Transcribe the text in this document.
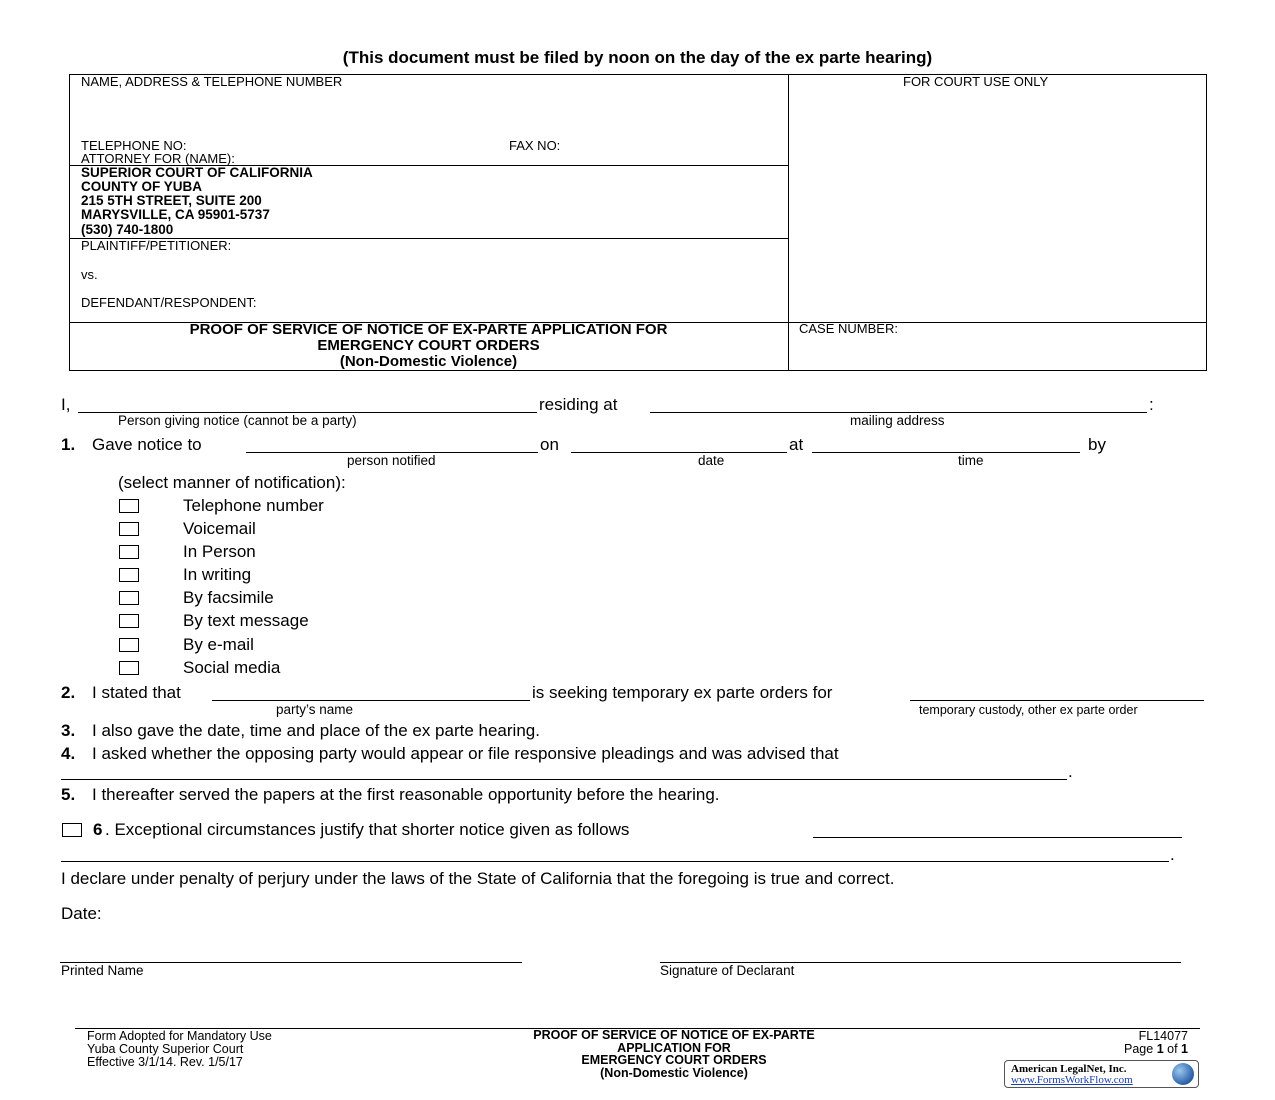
(This document must be filed by noon on the day of the ex parte hearing)
NAME, ADDRESS & TELEPHONE NUMBER	FOR COURT USE ONLY
TELEPHONE NO:	FAX NO:
ATTORNEY FOR (NAME):
SUPERIOR COURT OF CALIFORNIA
COUNTY OF YUBA
215 5TH STREET, SUITE 200
MARYSVILLE, CA 95901-5737
(530) 740-1800
PLAINTIFF/PETITIONER:
vs.
DEFENDANT/RESPONDENT:
PROOF OF SERVICE OF NOTICE OF EX-PARTE APPLICATION FOR
EMERGENCY COURT ORDERS
(Non-Domestic Violence)
CASE NUMBER:
I,	residing at	:
Person giving notice (cannot be a party)	mailing address
1. Gave notice to	on	at	by
person notified	date	time
(select manner of notification):
Telephone number
Voicemail
In Person
In writing
By facsimile
By text message
By e-mail
Social media
2. I stated that	is seeking temporary ex parte orders for
party’s name	temporary custody, other ex parte order
3. I also gave the date, time and place of the ex parte hearing.
4. I asked whether the opposing party would appear or file responsive pleadings and was advised that
.
5. I thereafter served the papers at the first reasonable opportunity before the hearing.
6 . Exceptional circumstances justify that shorter notice given as follows
.
I declare under penalty of perjury under the laws of the State of California that the foregoing is true and correct.
Date:
Printed Name	Signature of Declarant
Form Adopted for Mandatory Use
Yuba County Superior Court
Effective 3/1/14. Rev. 1/5/17
PROOF OF SERVICE OF NOTICE OF EX-PARTE
APPLICATION FOR
EMERGENCY COURT ORDERS
(Non-Domestic Violence)
FL14077
Page 1 of 1
American LegalNet, Inc.
www.FormsWorkFlow.com
